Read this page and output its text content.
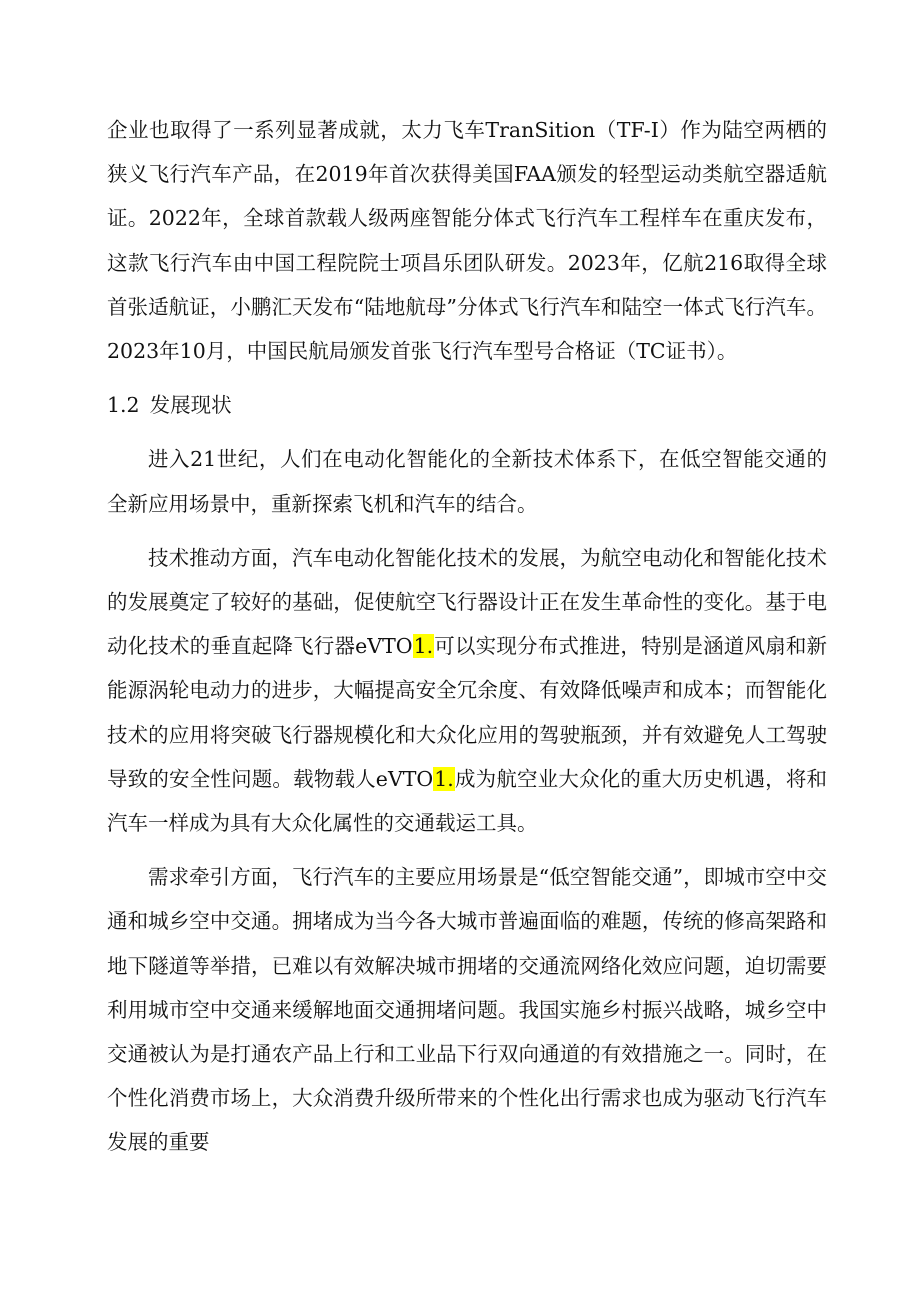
企业也取得了一系列显著成就，太力飞车TranSition（TF-I）作为陆空两栖的狭义飞行汽车产品，在2019年首次获得美国FAA颁发的轻型运动类航空器适航证。2022年，全球首款载人级两座智能分体式飞行汽车工程样车在重庆发布，这款飞行汽车由中国工程院院士项昌乐团队研发。2023年，亿航216取得全球首张适航证，小鹏汇天发布“陆地航母”分体式飞行汽车和陆空一体式飞行汽车。2023年10月，中国民航局颁发首张飞行汽车型号合格证（TC证书）。

1.2 发展现状

进入21世纪，人们在电动化智能化的全新技术体系下，在低空智能交通的全新应用场景中，重新探索飞机和汽车的结合。

技术推动方面，汽车电动化智能化技术的发展，为航空电动化和智能化技术的发展奠定了较好的基础，促使航空飞行器设计正在发生革命性的变化。基于电动化技术的垂直起降飞行器eVTO1.可以实现分布式推进，特别是涵道风扇和新能源涡轮电动力的进步，大幅提高安全冗余度、有效降低噪声和成本；而智能化技术的应用将突破飞行器规模化和大众化应用的驾驶瓶颈，并有效避免人工驾驶导致的安全性问题。载物载人eVTO1.成为航空业大众化的重大历史机遇，将和汽车一样成为具有大众化属性的交通载运工具。

需求牵引方面，飞行汽车的主要应用场景是“低空智能交通”，即城市空中交通和城乡空中交通。拥堵成为当今各大城市普遍面临的难题，传统的修高架路和地下隧道等举措，已难以有效解决城市拥堵的交通流网络化效应问题，迫切需要利用城市空中交通来缓解地面交通拥堵问题。我国实施乡村振兴战略，城乡空中交通被认为是打通农产品上行和工业品下行双向通道的有效措施之一。同时，在个性化消费市场上，大众消费升级所带来的个性化出行需求也成为驱动飞行汽车发展的重要
